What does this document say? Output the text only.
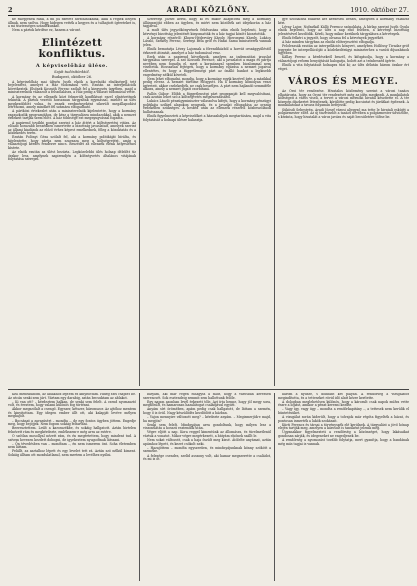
2	ARADI KÖZLÖNY.	1910. október 27.

ne rálépjenek ránk, a mi jól fizetett hivatalnokaink, akik a régiek helyén állnak, nem szólva. Hogy hidegen vették a kegyes és a tulhajtott ígéreteket is, a mi tisztességes szándékunkat.

Nem a pártok kérdése ez, hanem a városé.

Elintézett konfliktus.
A képviselőház ülése.
Saját tudósítónktól.
Budapest, október 26.

A képviselőház mai ülésén Justh elnök a korelnöki elnökségről tett bejelentést, amelyet a Ház tudomásul vett. Ezután az interpellációk következtek. Elsőnek Kossuth Ferenc szólalt fel a kiegyezés ügyében, majd a miniszterelnök válaszolt a felszólalásra, a Ház pedig a választ tudomásul vette.

A kormány és az ellenzék közt felmerült konfliktust ezzel elintézettnek tekintik. A pártok vezetői hosszasan tárgyaltak egymással, mielőtt az ülés megkezdődött volna, és ennek eredményeként sikerült megállapodást létrehozni, amely mindkét fél számára elfogadható.

A pártközi értekezlet után a miniszterelnök kijelentette, hogy a kormány ragaszkodik programjához, de kész a tárgyalásra mindazokkal, akik a nemzet érdekeit tartják szem előtt. A ház többsége ezt megnyugvással fogadta.

A napirend további pontjai szerint a ház áttért a költségvetési vitára. Az előadó hosszabb beszédben ismertette a bizottság javaslatait, amelyek szerint az állami kiadások az előző évhez képest emelkednek, főleg a közoktatás és a közlekedés terén.

Ezután Polónyi Géza szólalt fel, aki a kormány politikáját bírálta, és kijelentette, hogy pártja nem szavazza meg a költségvetést, amíg a választójogi kérdés rendezve nincs. Beszédét az ellenzék élénk helyesléssel kísérte.

Az elnök ezután az ülést bezárta. Legközelebbi ülés holnap délelőtt tíz órakor lesz, amelynek napirendjén a költségvetés általános vitájának folytatása szerepel.

Szterényi József kérdi, hogy ki és mikor állapította meg a kormány álláspontját ebben az ügyben, és miért nem közölték azt idejekorán a ház tagjaival.

A mult ülés jegyzőkönyvének felolvasása után elnök bejelenti, hogy a kérvényi bizottság jelentését kinyomatták és a ház tagjai között kiosztották.

A kormány részéről: Khuen-Héderváry Károly, Hieronymi Károly, Lukács László, Székely Ferenc, Serényi Béla gróf és Hazai Samu miniszterek vannak jelen.

Elnök bemutatja Lévay Lajosnak a főrendiházból a horvát országgyűléstől érkezett átiratát, amelyet a ház tudomásul vesz.

Ezek után a napirend következik, amelyen az indemnitási javaslat tárgyalása szerepel. A szó Kossuth Ferencé, aki a javaslatot a maga és pártja nevében nem fogadja el, mert a kormánnyal szemben bizalommal nem viseltetik. Hosszasan fejtegeti, hogy a kormány eljárása a nemzet jogaival ellentétes, és hogy a függetlenségi párt az önálló bankot a legkisebb engedmény nélkül követeli.

Nem lehet elfogadni, mondja, hogy a kormány egyik kezével ígér, a másikkal pedig elvesz. A nemzet türelme elfogyott. Ha a kormány komolyan veszi ígéreteit, akkor cselekedjék, ne csak beszéljen. A párt nem hajlandó semmiféle alkura, amely a nemzet jogait csorbítaná.

Pallós Gábor: Előbb a függetlenségi párt programját kell megvalósítani, csak azután lehet szó a költségvetés megszavazásáról.

Lukács László pénzügyminiszter válaszolva kifejti, hogy a kormány pénzügyi politikája szilárd alapokon nyugszik, és a javaslat elfogadása az ország érdekében szükséges. A beszéd után az ellenzék részéről közbeszólások hallatszanak.

Elnök figyelmezteti a képviselőket a házszabályok megtartására, majd a vita folytatását a holnapi ülésre halasztja.

gye szocialista fokként két kérdésről beszél, amelyben a kormány válaszát kéri.

Lévay Lajos: Nofzatkál Kálló Ferencz szónoklata. A hírlap szerint Justh Gyula elnök bejelenti, hogy az ülés a nap első felében, a kérvényi bizottság jelentésével kezdődik. Kérdi, hogy mikor kerülnek tárgyalásra a kérvények.

Elnök felkéri a jegyzőt, hogy olvassa fel a kérvények jegyzékét.

A ház minden tárgyban az elnöki előterjesztést elfogadja.

Felolvassák ezután az interpellációs könyvet, amelyben Hollóssy Tivadar gróf jegyezte be interpellációját a közlekedésügyi miniszterhez a vasúti díjszabások ügyében.

Kállay Ferenc a kérdésekről beszél, és kifogásolja, hogy a kormány a választójogi reform benyújtását halogatja, holott azt a trónbeszéd ígérte.

Elnök a vita folytatását holnapra tűzi ki; az ülés délután három órakor ért véget.

VÁROS ÉS MEGYE.

Az Oroi tér rendezése. Hivatalos közlemény szerint a városi tanács elhatározta, hogy az Orosi tér rendezését még az idén megkezdi. A munkálatok költségeit a város viseli, a tervet a városi mérnöki hivatal készítette el. A tér közepén díszkertet létesítenek, körülötte pedig kocsiutat és járdákat építenek. A munkálatokat a tavasz folyamán befejezik.

Sükösdi Sebestyén, Aradi József városi aljegyző ma tette le hivatali esküjét a polgármester előtt. Az új tisztviselőt a tanács nevében a polgármester üdvözölte, s kívánta, hogy hivatalát a város javára és saját becsületére töltse be.

Kell menekülnöm, az ablakhoz léptem és kinyitottam. Hideg szél csapott be. Az utcán senki sem járt. Vártam egy darabig, aztán becsuktam az ablakot.

– Ki van ott? – kérdeztem halkan, de senki sem felelt. A csend nyomasztó volt, és éreztem, hogy valami különös fog történni.

Akkor megszólalt a csengő. Egyszer, kétszer, háromszor. Az ajtóhoz mentem és kinyitottam. Egy idegen ember állt ott, aki kalapját levéve mélyen meghajolt.

– Bocsánat a zavarásért – mondta –, de egy fontos ügyben jöttem. Engedje meg, hogy bejöjjek. Nem fogom sokáig feltartani.

Beeresztettem. Leült a karosszékbe, és sokáig hallgatott. Aztán hirtelen felnézett rám és megkérdezte, emlékszem-e még arra az estére.

O szótlan mosollyal nézett rám, és én megértettem, hogy mindent tud. A szívem hevesen kezdett dobogni, de igyekeztem nyugodtnak látszani.

– Ön tévedésben van – mondtam –, én nem ismerem önt. Soha életemben nem láttam.

Felállt, az asztalhoz lépett és egy levelet tett rá. Aztán szó nélkül kiment. Sokáig álltam ott mozdulatlanul, nem mertem a levélhez nyúlni.

bátyám, aki már régen elhagyta a falut, hogy a városban keressen szerencsét. Sok esztendeig semmit sem hallottunk felőle.

Egy napon azonban levél érkezett tőle. Azt írta benne, hogy jól megy sora, megnősült, és hamarosan hazalátogat családjával együtt.

Anyám sírt örömében, apám pedig csak hallgatott, de láttam a szemén, hogy ő is örül. Nagy készülődés kezdődött a házban.

– Vajon mennyire változott meg? – kérdezte anyám. – Megismerjük-e majd, ha megjön?

Senki sem felelt. Mindnyájan arra gondoltunk, hogy milyen lesz a viszontlátás a hosszú esztendők után.

Végre eljött a nap. Kora reggel kimentünk az állomásra, és türelmetlenül vártuk a vonatot. Mikor végre megérkezett, a bátyám elsőnek szállt le.

Nem sokat változott, csak a haja őszült meg kissé. Átölelte anyámat, aztán apámhoz lépett, és kezet csókolt neki.

– Hazajöttem – mondta egyszerűen, és mindnyájunknak könny szökött a szemébe.

A felesége csendes, szelíd asszony volt, aki hamar megszerette a családot, és mi is őt.

három a nyüsze, s dobbant két pályán. A rendőrség a vizsgálatot megindította, és a tetteseket rövid idő alatt kézre kerítette.

A dologban meglehetősen különös, hogy a károsult csak napok múlva vette észre a lopást, amikor a pénzt keresni kezdte.

– Vagy így, vagy úgy – mondta a rendőrkapitány –, a tettesek nem kerülik el büntetésüket.

A vizsgálat során kiderült, hogy a tolvajok már régóta figyelték a házat, és pontosan ismerték a lakók szokásait.

Kürti Ferencz és társai a törvényszék elé kerülnek. A tárgyalást a jövő hónap elején tartják meg, amelyen a károsult is tanúként jelenik meg.

Ugyanakkor figyelmezteti a rendőrség a közönséget, hogy lakásaikat gondosan zárják, és idegeneket ne engedjenek be.

A rendőrség a nyomozást tovább folytatja, mert gyanítja, hogy a bandának még más tagjai is vannak.
